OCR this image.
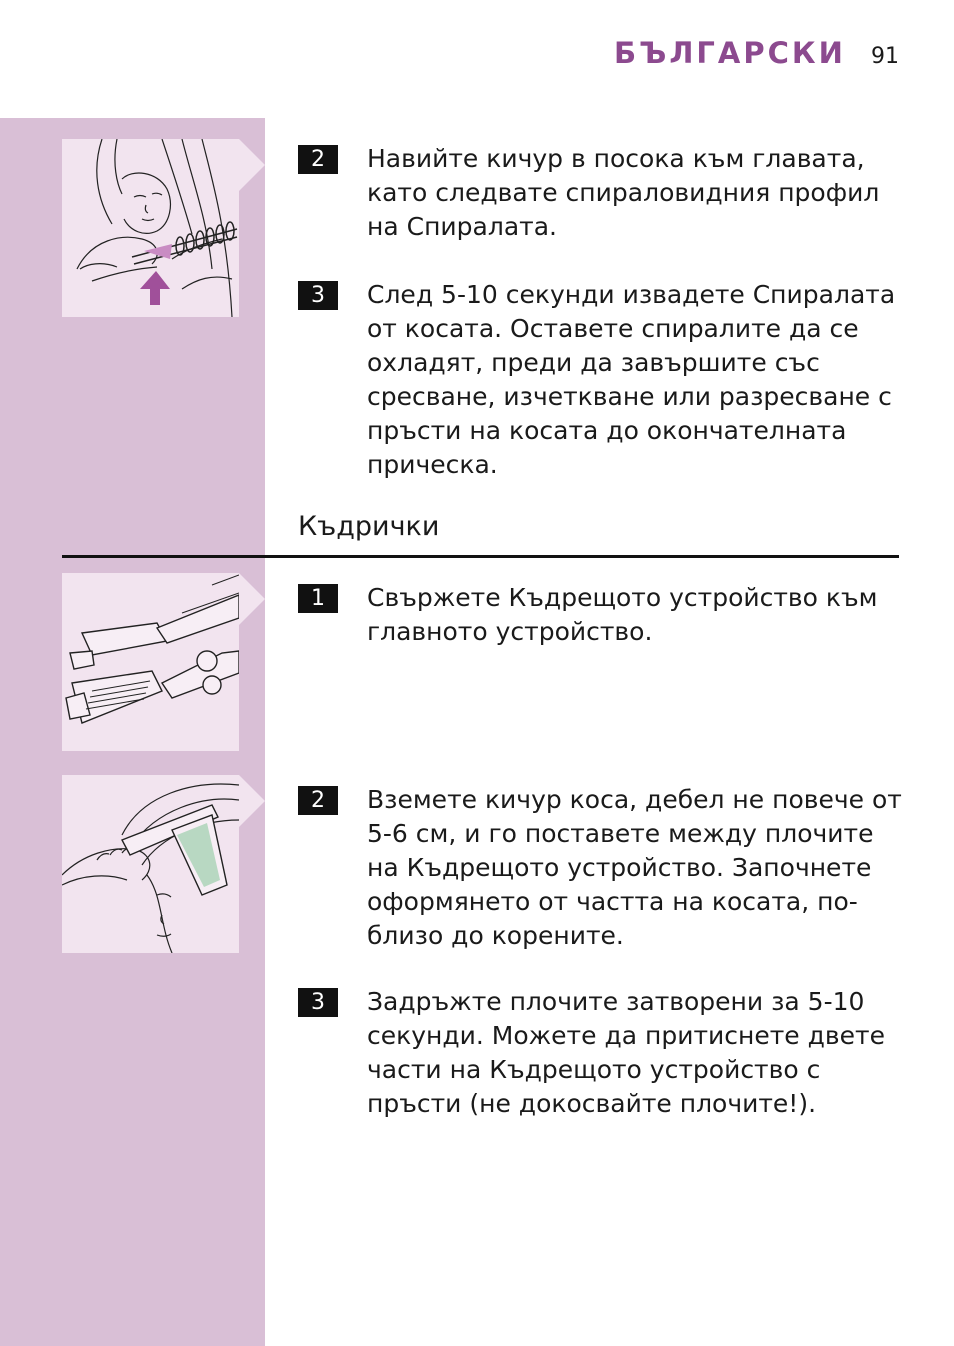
БЪЛГАРСКИ 91
2	Навийте кичур в посока към главата, като следвате спираловидния профил на Спиралата.
3	След 5-10 секунди извадете Спиралата от косата. Оставете спиралите да се охладят, преди да завършите със сресване, изчеткване или разресване с пръсти на косата до окончателната прическа.
Къдрички
1	Свържете Къдрещото устройство към главното устройство.
2	Вземете кичур коса, дебел не повече от 5-6 см, и го поставете между плочите на Къдрещото устройство. Започнете оформянето от частта на косата, по-близо до корените.
3	Задръжте плочите затворени за 5-10 секунди. Можете да притиснете двете части на Къдрещото устройство с пръсти (не докосвайте плочите!).
